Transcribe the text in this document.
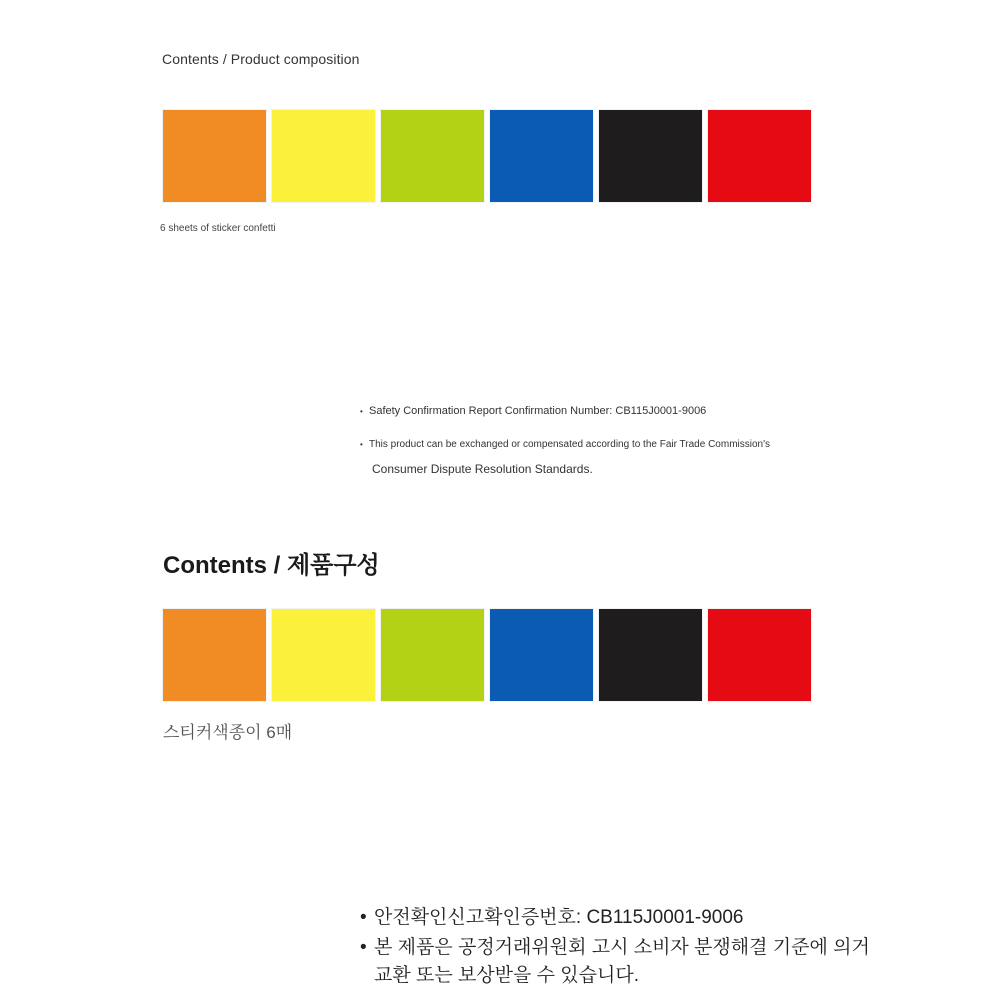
Contents / Product composition
6 sheets of sticker confetti
• Safety Confirmation Report Confirmation Number: CB115J0001-9006
• This product can be exchanged or compensated according to the Fair Trade Commission's
Consumer Dispute Resolution Standards.
Contents / 제품구성
스티커색종이 6매
• 안전확인신고확인증번호: CB115J0001-9006
• 본 제품은 공정거래위원회 고시 소비자 분쟁해결 기준에 의거
교환 또는 보상받을 수 있습니다.
